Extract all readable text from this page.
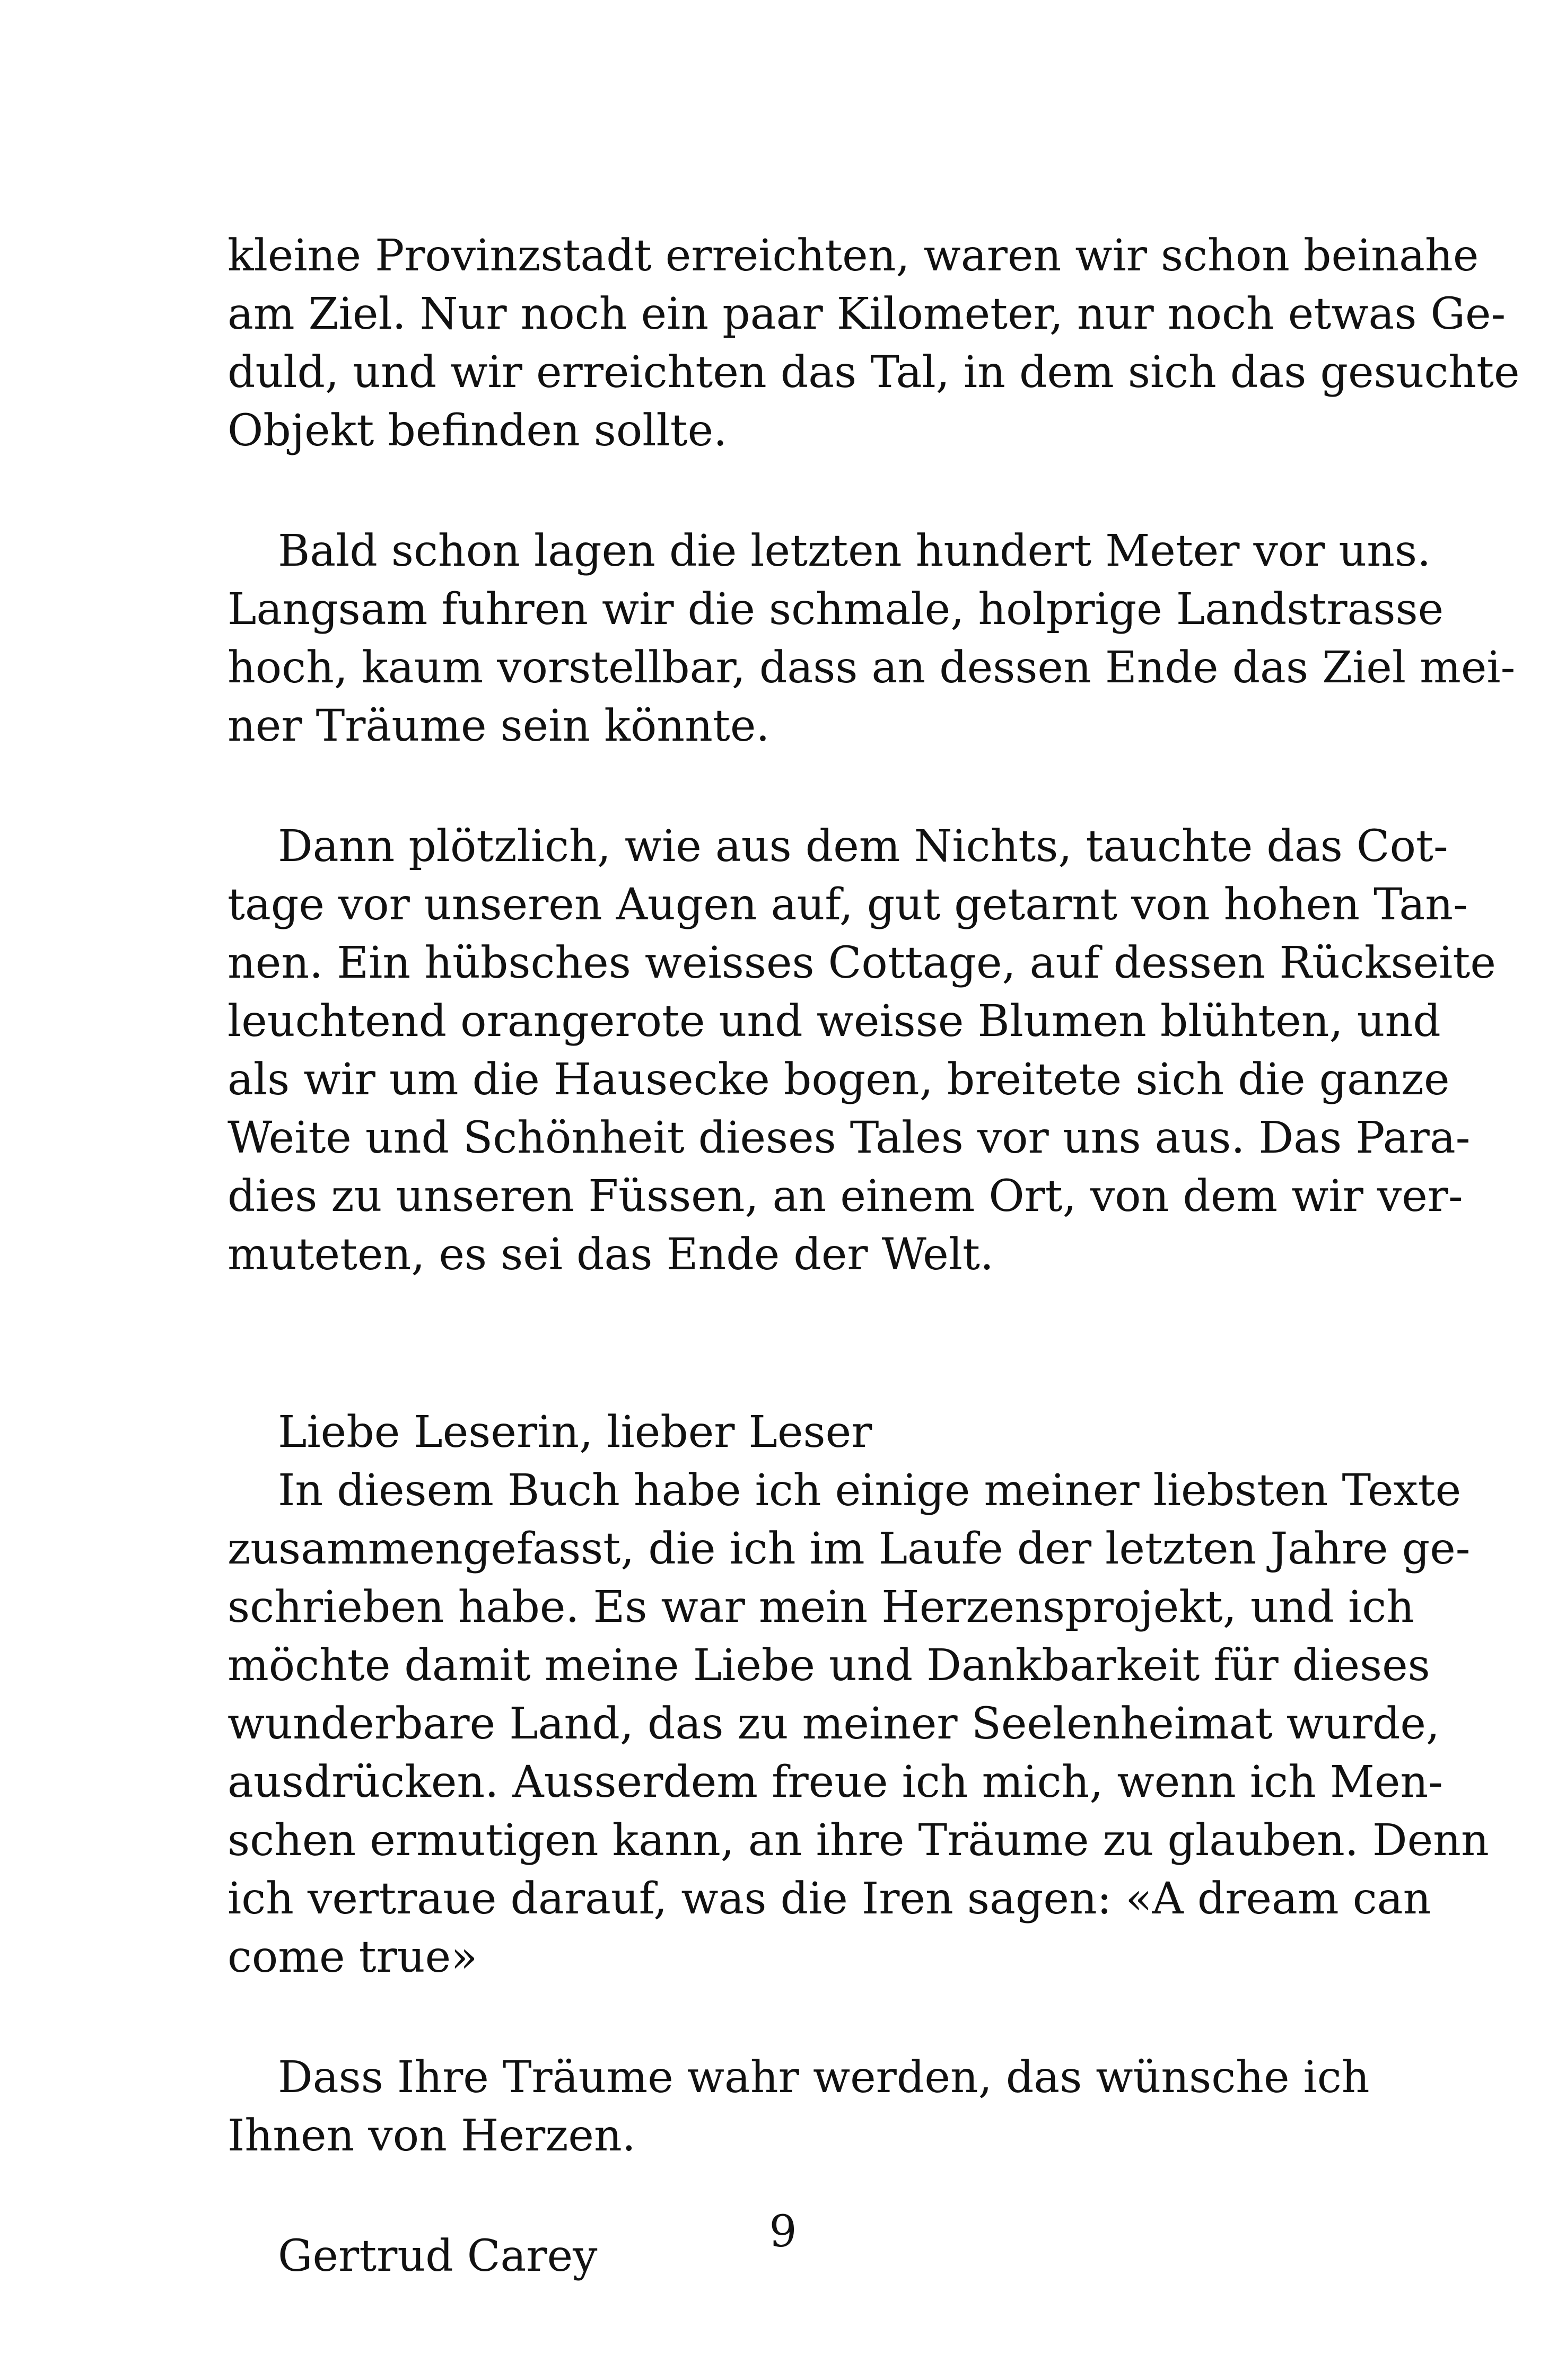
kleine Provinzstadt erreichten, waren wir schon beinahe
am Ziel. Nur noch ein paar Kilometer, nur noch etwas Ge-
duld, und wir erreichten das Tal, in dem sich das gesuchte
Objekt befinden sollte.
Bald schon lagen die letzten hundert Meter vor uns.
Langsam fuhren wir die schmale, holprige Landstrasse
hoch, kaum vorstellbar, dass an dessen Ende das Ziel mei-
ner Träume sein könnte.
Dann plötzlich, wie aus dem Nichts, tauchte das Cot-
tage vor unseren Augen auf, gut getarnt von hohen Tan-
nen. Ein hübsches weisses Cottage, auf dessen Rückseite
leuchtend orangerote und weisse Blumen blühten, und
als wir um die Hausecke bogen, breitete sich die ganze
Weite und Schönheit dieses Tales vor uns aus. Das Para-
dies zu unseren Füssen, an einem Ort, von dem wir ver-
muteten, es sei das Ende der Welt.
Liebe Leserin, lieber Leser
In diesem Buch habe ich einige meiner liebsten Texte
zusammengefasst, die ich im Laufe der letzten Jahre ge-
schrieben habe. Es war mein Herzensprojekt, und ich
möchte damit meine Liebe und Dankbarkeit für dieses
wunderbare Land, das zu meiner Seelenheimat wurde,
ausdrücken. Ausserdem freue ich mich, wenn ich Men-
schen ermutigen kann, an ihre Träume zu glauben. Denn
ich vertraue darauf, was die Iren sagen: «A dream can
come true»
Dass Ihre Träume wahr werden, das wünsche ich
Ihnen von Herzen.
Gertrud Carey	9
